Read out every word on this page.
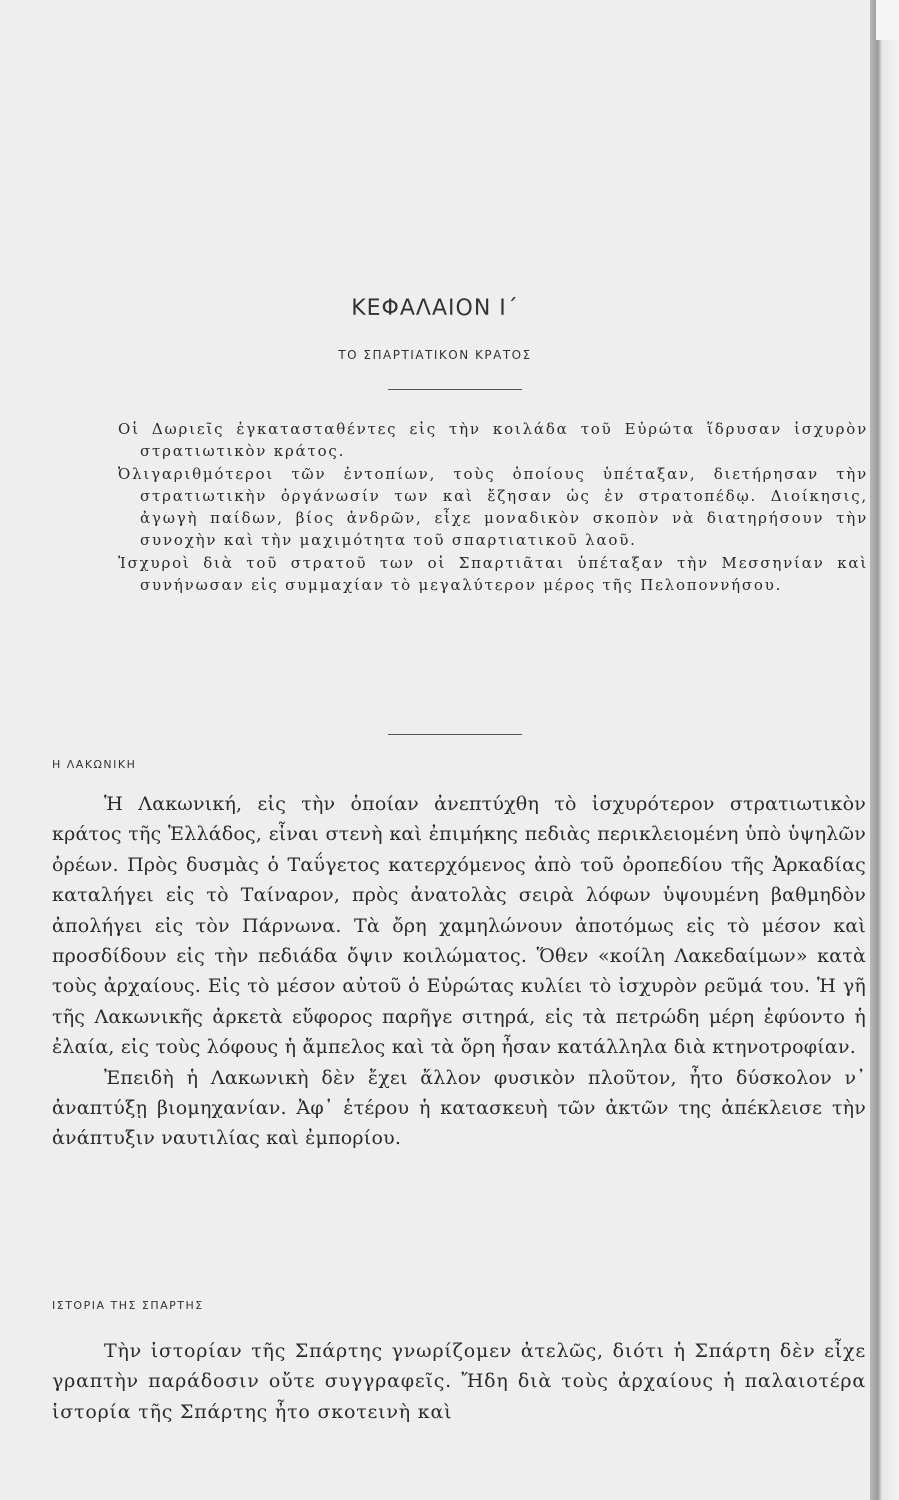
ΚΕΦΑΛΑΙΟΝ Ι΄
ΤΟ ΣΠΑΡΤΙΑΤΙΚΟΝ ΚΡΑΤΟΣ

Οἱ Δωριεῖς ἐγκατασταθέντες εἰς τὴν κοιλάδα τοῦ Εὐρώτα ἵδρυσαν ἰσχυρὸν στρατιωτικὸν κράτος.

Ὀλιγαριθμότεροι τῶν ἐντοπίων, τοὺς ὁποίους ὑπέταξαν, διετήρησαν τὴν στρατιωτικὴν ὀργάνωσίν των καὶ ἔζησαν ὡς ἐν στρατοπέδῳ. Διοίκησις, ἀγωγὴ παίδων, βίος ἀνδρῶν, εἶχε μοναδικὸν σκοπὸν νὰ διατηρήσουν τὴν συνοχὴν καὶ τὴν μαχιμότητα τοῦ σπαρτιατικοῦ λαοῦ.

Ἰσχυροὶ διὰ τοῦ στρατοῦ των οἱ Σπαρτιᾶται ὑπέταξαν τὴν Μεσσηνίαν καὶ συνήνωσαν εἰς συμμαχίαν τὸ μεγαλύτερον μέρος τῆς Πελοποννήσου.

Η ΛΑΚΩΝΙΚΗ

Ἡ Λακωνική, εἰς τὴν ὁποίαν ἀνεπτύχθη τὸ ἰσχυρότερον στρατιωτικὸν κράτος τῆς Ἑλλάδος, εἶναι στενὴ καὶ ἐπιμήκης πεδιὰς περικλειομένη ὑπὸ ὑψηλῶν ὀρέων. Πρὸς δυσμὰς ὁ Ταΰγετος κατερχόμενος ἀπὸ τοῦ ὀροπεδίου τῆς Ἀρκαδίας καταλήγει εἰς τὸ Ταίναρον, πρὸς ἀνατολὰς σειρὰ λόφων ὑψουμένη βαθμηδὸν ἀπολήγει εἰς τὸν Πάρνωνα. Τὰ ὄρη χαμηλώνουν ἀποτόμως εἰς τὸ μέσον καὶ προσδίδουν εἰς τὴν πεδιάδα ὄψιν κοιλώματος. Ὅθεν «κοίλη Λακεδαίμων» κατὰ τοὺς ἀρχαίους. Εἰς τὸ μέσον αὐτοῦ ὁ Εὐρώτας κυλίει τὸ ἰσχυρὸν ρεῦμά του. Ἡ γῆ τῆς Λακωνικῆς ἀρκετὰ εὔφορος παρῆγε σιτηρά, εἰς τὰ πετρώδη μέρη ἐφύοντο ἡ ἐλαία, εἰς τοὺς λόφους ἡ ἄμπελος καὶ τὰ ὄρη ἦσαν κατάλληλα διὰ κτηνοτροφίαν.

Ἐπειδὴ ἡ Λακωνικὴ δὲν ἔχει ἄλλον φυσικὸν πλοῦτον, ἦτο δύσκολον ν᾿ ἀναπτύξῃ βιομηχανίαν. Ἀφ᾿ ἑτέρου ἡ κατασκευὴ τῶν ἀκτῶν της ἀπέκλεισε τὴν ἀνάπτυξιν ναυτιλίας καὶ ἐμπορίου.

ΙΣΤΟΡΙΑ ΤΗΣ ΣΠΑΡΤΗΣ

Τὴν ἱστορίαν τῆς Σπάρτης γνωρίζομεν ἀτελῶς, διότι ἡ Σπάρτη δὲν εἶχε γραπτὴν παράδοσιν οὔτε συγγραφεῖς. Ἤδη διὰ τοὺς ἀρχαίους ἡ παλαιοτέρα ἱστορία τῆς Σπάρτης ἦτο σκοτεινὴ καὶ
